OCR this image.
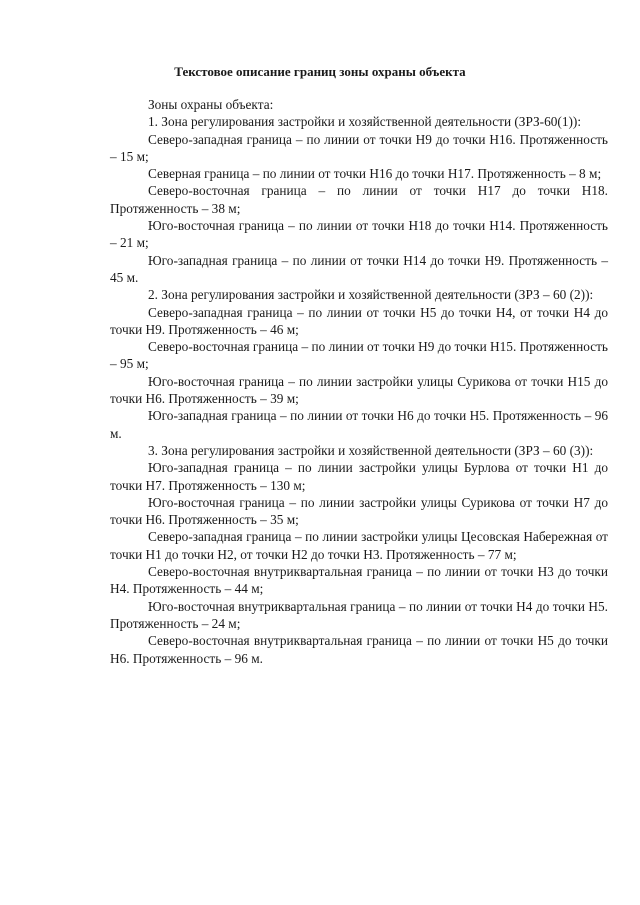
Текстовое описание границ зоны охраны объекта

Зоны охраны объекта:

1. Зона регулирования застройки и хозяйственной деятельности (ЗРЗ-60(1)):

Северо-западная граница – по линии от точки Н9 до точки Н16. Протяженность – 15 м;

Северная граница – по линии от точки Н16 до точки Н17. Протяженность – 8 м;

Северо-восточная граница – по линии от точки Н17 до точки Н18. Протяженность – 38 м;

Юго-восточная граница – по линии от точки Н18 до точки Н14. Протяженность – 21 м;

Юго-западная граница – по линии от точки Н14 до точки Н9. Протяженность – 45 м.

2. Зона регулирования застройки и хозяйственной деятельности (ЗРЗ – 60 (2)):

Северо-западная граница – по линии от точки Н5 до точки Н4, от точки Н4 до точки Н9. Протяженность – 46 м;

Северо-восточная граница – по линии от точки Н9 до точки Н15. Протяженность – 95 м;

Юго-восточная граница – по линии застройки улицы Сурикова от точки Н15 до точки Н6. Протяженность – 39 м;

Юго-западная граница – по линии от точки Н6 до точки Н5. Протяженность – 96 м.

3. Зона регулирования застройки и хозяйственной деятельности (ЗРЗ – 60 (3)):

Юго-западная граница – по линии застройки улицы Бурлова от точки Н1 до точки Н7. Протяженность – 130 м;

Юго-восточная граница – по линии застройки улицы Сурикова от точки Н7 до точки Н6. Протяженность – 35 м;

Северо-западная граница – по линии застройки улицы Цесовская Набережная от точки Н1 до точки Н2, от точки Н2 до точки Н3. Протяженность – 77 м;

Северо-восточная внутриквартальная граница – по линии от точки Н3 до точки Н4. Протяженность – 44 м;

Юго-восточная внутриквартальная граница – по линии от точки Н4 до точки Н5. Протяженность – 24 м;

Северо-восточная внутриквартальная граница – по линии от точки Н5 до точки Н6. Протяженность – 96 м.
